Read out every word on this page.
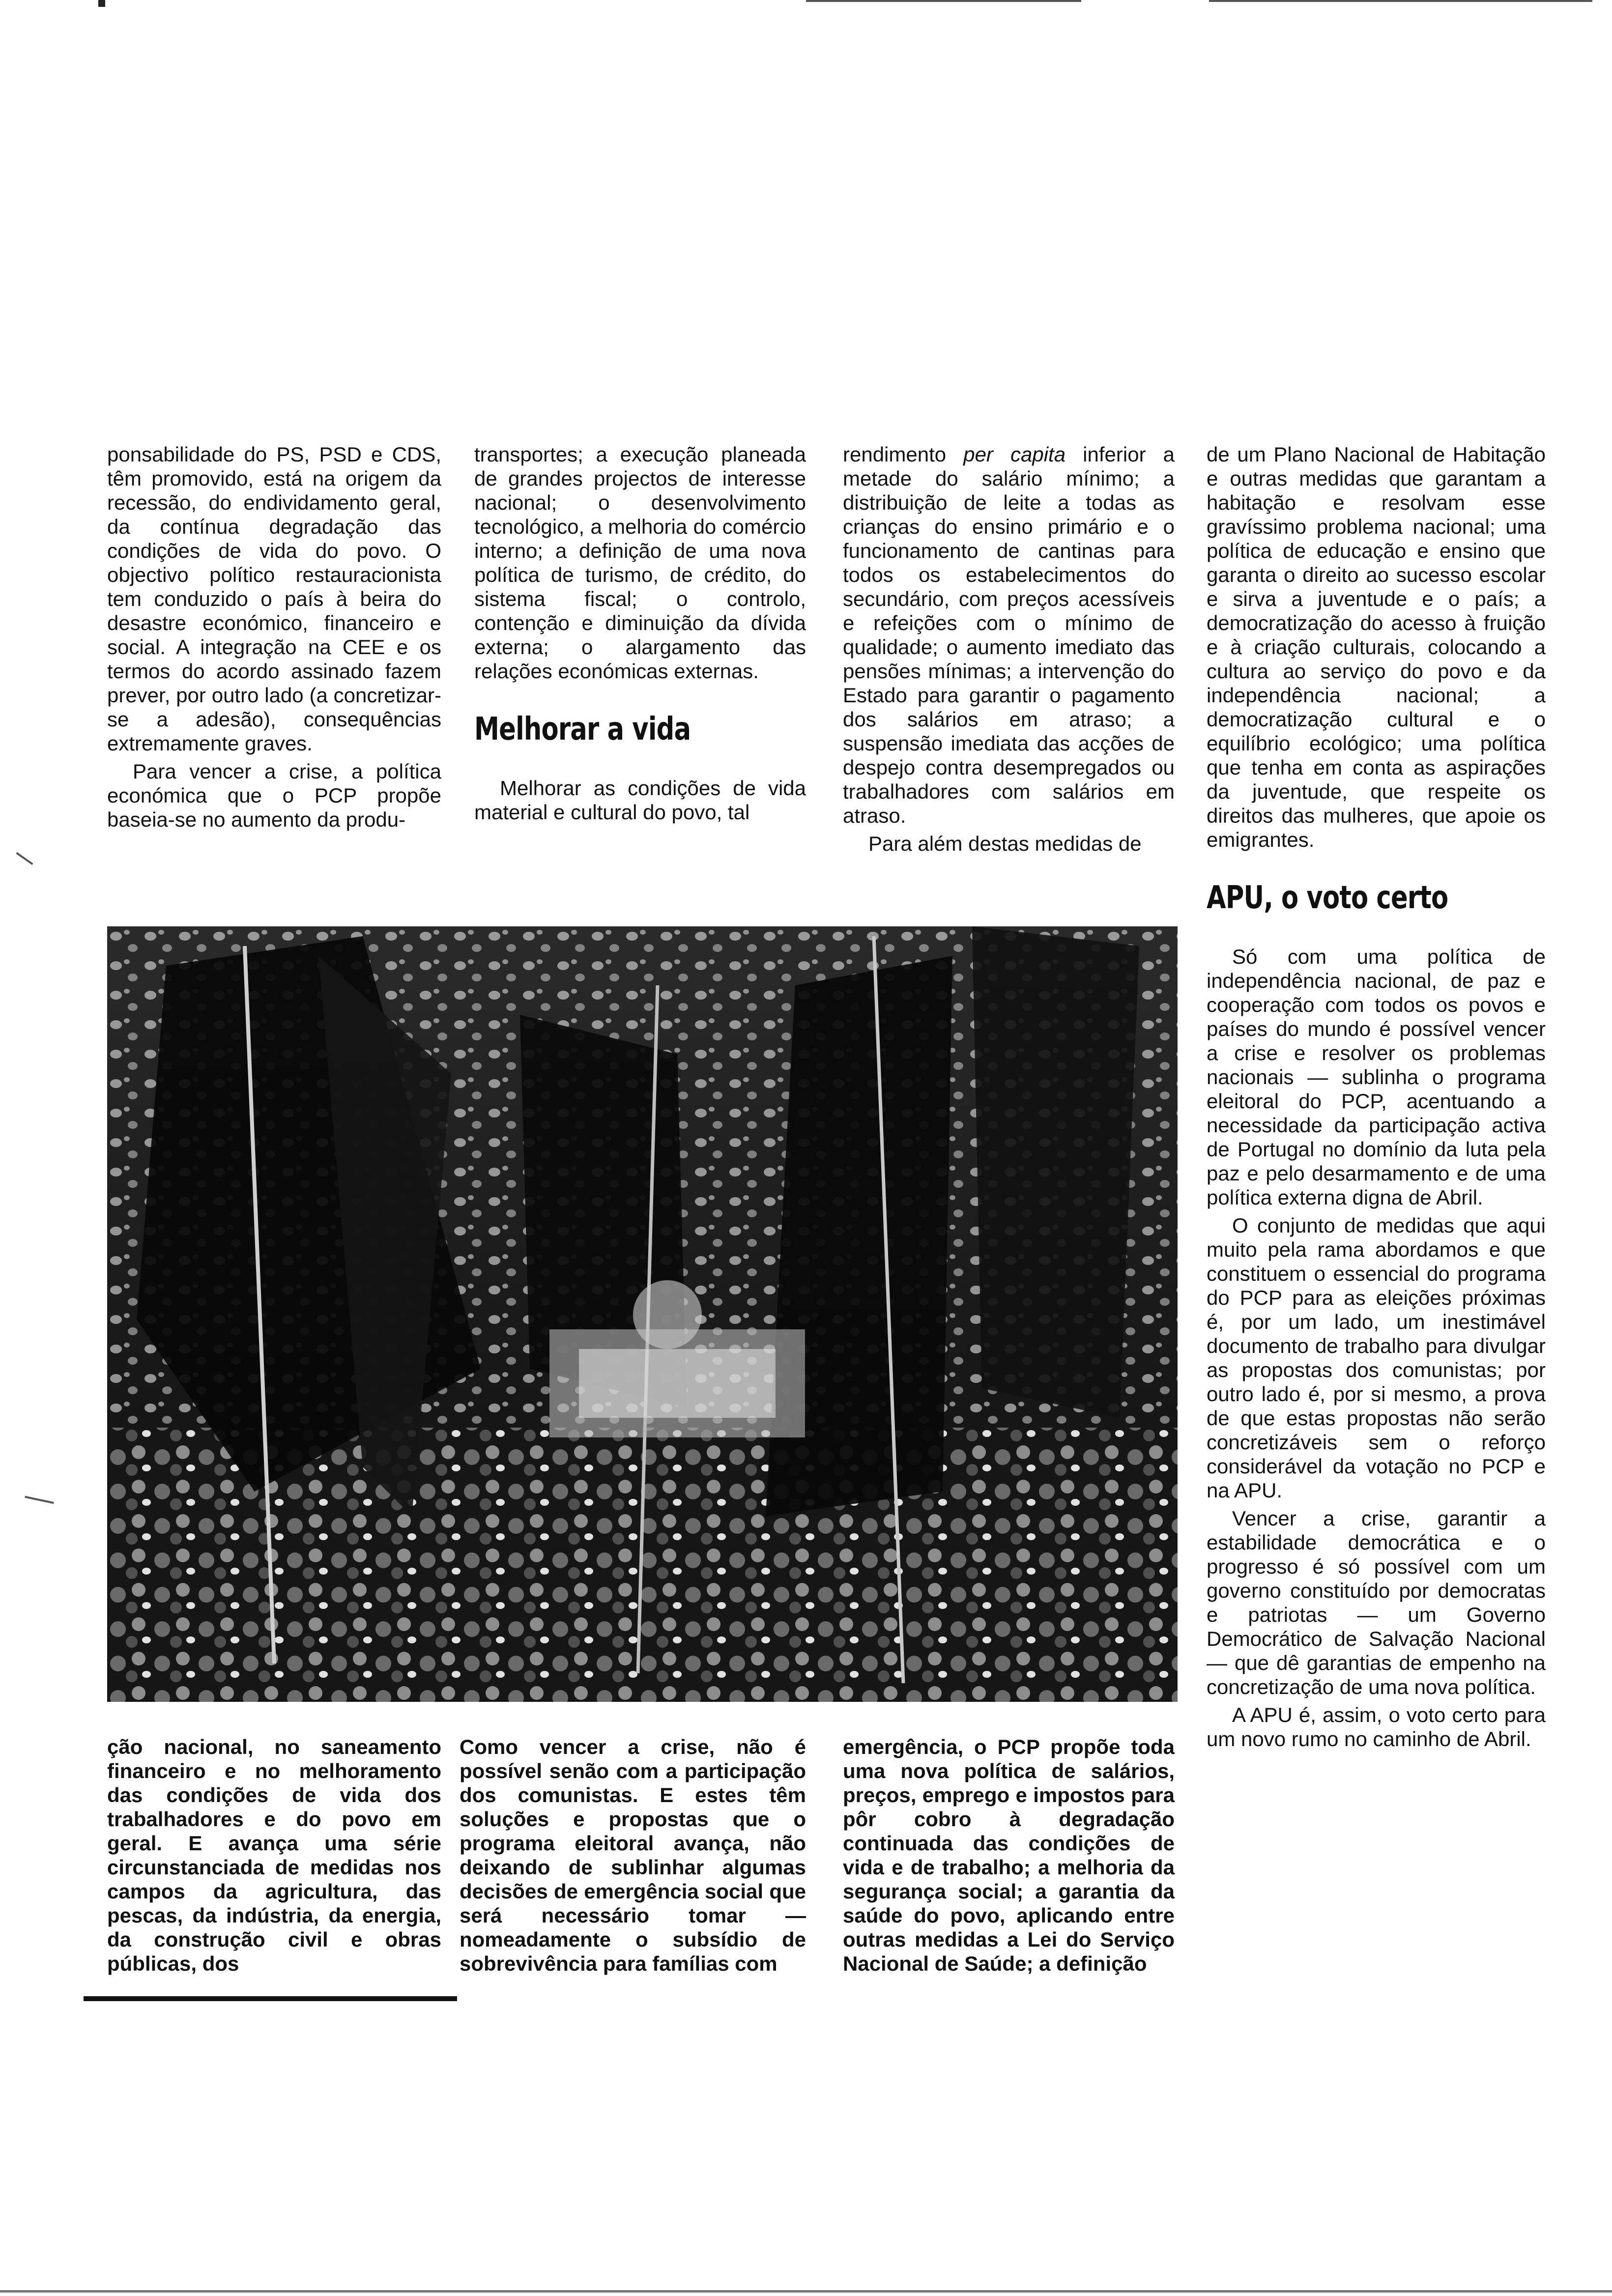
ponsabilidade do PS, PSD e CDS, têm promovido, está na origem da recessão, do endividamento geral, da contínua degradação das condições de vida do povo. O objectivo político restauracionista tem conduzido o país à beira do desastre económico, financeiro e social. A integração na CEE e os termos do acordo assinado fazem prever, por outro lado (a concretizar-se a adesão), consequências extremamente graves.

Para vencer a crise, a política económica que o PCP propõe baseia-se no aumento da produ-

transportes; a execução planeada de grandes projectos de interesse nacional; o desenvolvimento tecnológico, a melhoria do comércio interno; a definição de uma nova política de turismo, de crédito, do sistema fiscal; o controlo, contenção e diminuição da dívida externa; o alargamento das relações económicas externas.

Melhorar a vida

Melhorar as condições de vida material e cultural do povo, tal

rendimento per capita inferior a metade do salário mínimo; a distribuição de leite a todas as crianças do ensino primário e o funcionamento de cantinas para todos os estabelecimentos do secundário, com preços acessíveis e refeições com o mínimo de qualidade; o aumento imediato das pensões mínimas; a intervenção do Estado para garantir o pagamento dos salários em atraso; a suspensão imediata das acções de despejo contra desempregados ou trabalhadores com salários em atraso.

Para além destas medidas de

de um Plano Nacional de Habitação e outras medidas que garantam a habitação e resolvam esse gravíssimo problema nacional; uma política de educação e ensino que garanta o direito ao sucesso escolar e sirva a juventude e o país; a democratização do acesso à fruição e à criação culturais, colocando a cultura ao serviço do povo e da independência nacional; a democratização cultural e o equilíbrio ecológico; uma política que tenha em conta as aspirações da juventude, que respeite os direitos das mulheres, que apoie os emigrantes.

APU, o voto certo

Só com uma política de independência nacional, de paz e cooperação com todos os povos e países do mundo é possível vencer a crise e resolver os problemas nacionais — sublinha o programa eleitoral do PCP, acentuando a necessidade da participação activa de Portugal no domínio da luta pela paz e pelo desarmamento e de uma política externa digna de Abril.

O conjunto de medidas que aqui muito pela rama abordamos e que constituem o essencial do programa do PCP para as eleições próximas é, por um lado, um inestimável documento de trabalho para divulgar as propostas dos comunistas; por outro lado é, por si mesmo, a prova de que estas propostas não serão concretizáveis sem o reforço considerável da votação no PCP e na APU.

Vencer a crise, garantir a estabilidade democrática e o progresso é só possível com um governo constituído por democratas e patriotas — um Governo Democrático de Salvação Nacional — que dê garantias de empenho na concretização de uma nova política.

A APU é, assim, o voto certo para um novo rumo no caminho de Abril.

ção nacional, no saneamento financeiro e no melhoramento das condições de vida dos trabalhadores e do povo em geral. E avança uma série circunstanciada de medidas nos campos da agricultura, das pescas, da indústria, da energia, da construção civil e obras públicas, dos

Como vencer a crise, não é possível senão com a participação dos comunistas. E estes têm soluções e propostas que o programa eleitoral avança, não deixando de sublinhar algumas decisões de emergência social que será necessário tomar — nomeadamente o subsídio de sobrevivência para famílias com

emergência, o PCP propõe toda uma nova política de salários, preços, emprego e impostos para pôr cobro à degradação continuada das condições de vida e de trabalho; a melhoria da segurança social; a garantia da saúde do povo, aplicando entre outras medidas a Lei do Serviço Nacional de Saúde; a definição
